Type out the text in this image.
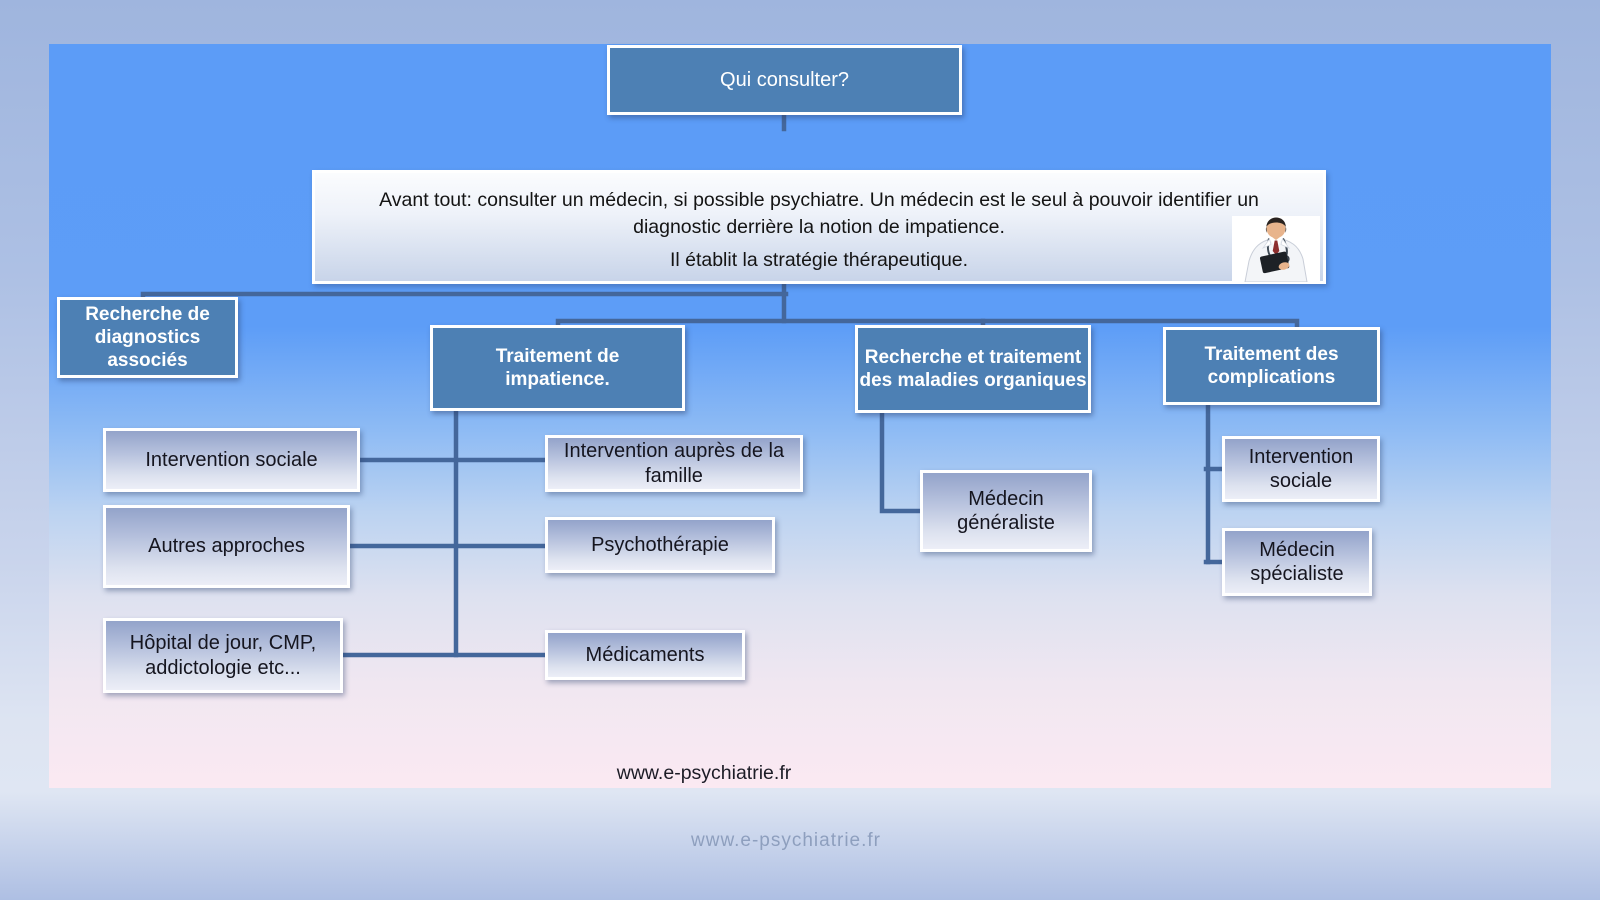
Qui consulter?
Avant tout: consulter un médecin, si possible psychiatre. Un médecin est le seul à pouvoir identifier un diagnostic derrière la notion de impatience.
Il établit la stratégie thérapeutique.
Recherche de diagnostics associés	Traitement de impatience.
Recherche et traitement des maladies organiques
Traitement des complications
Intervention sociale
Autres approches
Hôpital de jour, CMP, addictologie etc...
Intervention auprès de la famille
Psychothérapie
Médicaments
Médecin généraliste
Intervention sociale
Médecin spécialiste
www.e-psychiatrie.fr
www.e-psychiatrie.fr
